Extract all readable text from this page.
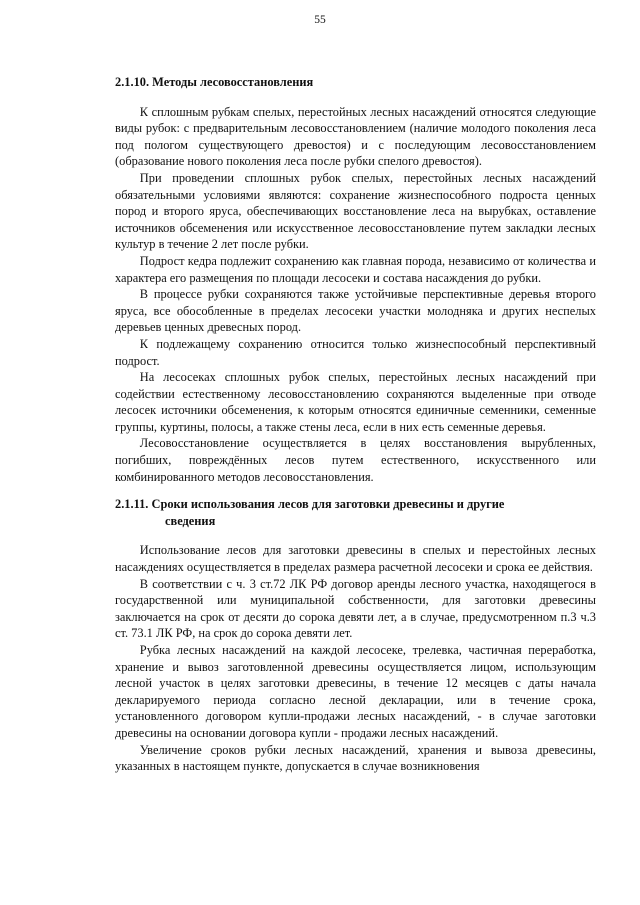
55
2.1.10. Методы лесовосстановления

К сплошным рубкам спелых, перестойных лесных насаждений относятся следующие виды рубок: с предварительным лесовосстановлением (наличие молодого поколения леса под пологом существующего древостоя) и с последующим лесовосстановлением (образование нового поколения леса после рубки спелого древостоя).

При проведении сплошных рубок спелых, перестойных лесных насаждений обязательными условиями являются: сохранение жизнеспособного подроста ценных пород и второго яруса, обеспечивающих восстановление леса на вырубках, оставление источников обсеменения или искусственное лесовосстановление путем закладки лесных культур в течение 2 лет после рубки.

Подрост кедра подлежит сохранению как главная порода, независимо от количества и характера его размещения по площади лесосеки и состава насаждения до рубки.

В процессе рубки сохраняются также устойчивые перспективные деревья второго яруса, все обособленные в пределах лесосеки участки молодняка и других неспелых деревьев ценных древесных пород.

К подлежащему сохранению относится только жизнеспособный перспективный подрост.

На лесосеках сплошных рубок спелых, перестойных лесных насаждений при содействии естественному лесовосстановлению сохраняются выделенные при отводе лесосек источники обсеменения, к которым относятся единичные семенники, семенные группы, куртины, полосы, а также стены леса, если в них есть семенные деревья.

Лесовосстановление осуществляется в целях восстановления вырубленных, погибших, повреждённых лесов путем естественного, искусственного или комбинированного методов лесовосстановления.

2.1.11. Сроки использования лесов для заготовки древесины и другие
сведения

Использование лесов для заготовки древесины в спелых и перестойных лесных насаждениях осуществляется в пределах размера расчетной лесосеки и срока ее действия.

В соответствии с ч. 3 ст.72 ЛК РФ договор аренды лесного участка, находящегося в государственной или муниципальной собственности, для заготовки древесины заключается на срок от десяти до сорока девяти лет, а в случае, предусмотренном п.3 ч.3 ст. 73.1 ЛК РФ, на срок до сорока девяти лет.

Рубка лесных насаждений на каждой лесосеке, трелевка, частичная переработка, хранение и вывоз заготовленной древесины осуществляется лицом, использующим лесной участок в целях заготовки древесины, в течение 12 месяцев с даты начала декларируемого периода согласно лесной декларации, или в течение срока, установленного договором купли-продажи лесных насаждений, - в случае заготовки древесины на основании договора купли - продажи лесных насаждений.

Увеличение сроков рубки лесных насаждений, хранения и вывоза древесины, указанных в настоящем пункте, допускается в случае возникновения
